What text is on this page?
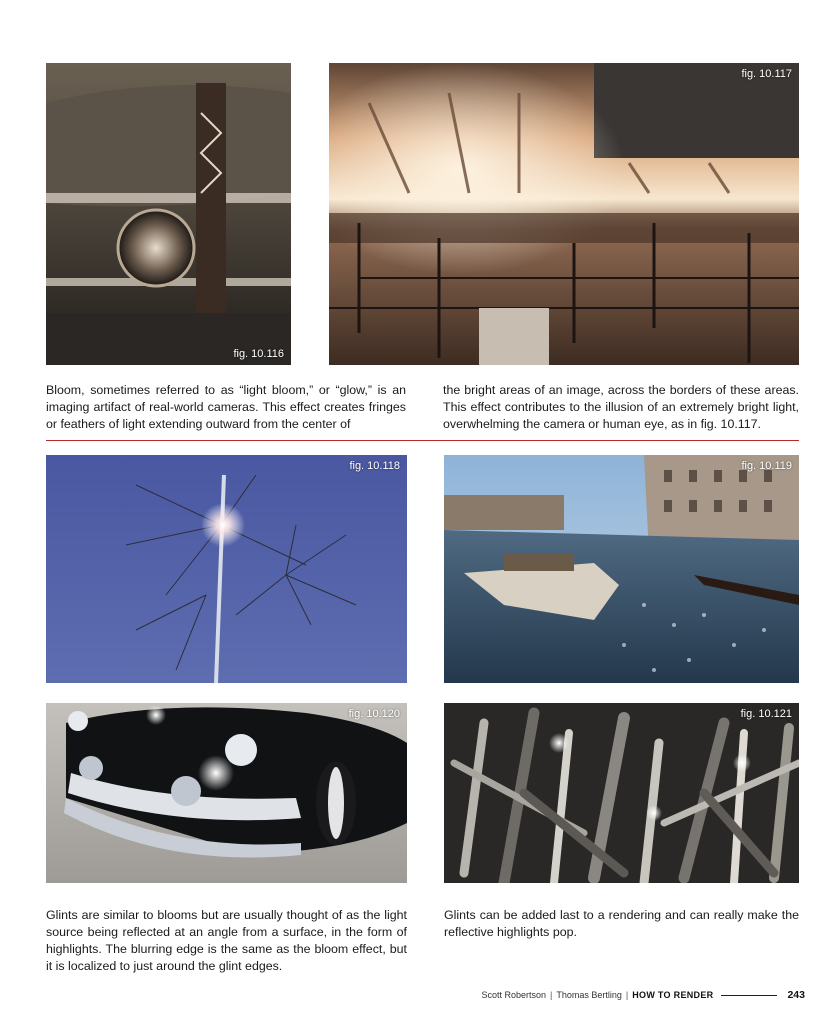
fig. 10.116
fig. 10.117

Bloom, sometimes referred to as “light bloom,” or “glow,” is an imaging artifact of real-world cameras. This effect creates fringes or feathers of light extending outward from the center of

the bright areas of an image, across the borders of these areas. This effect contributes to the illusion of an extremely bright light, overwhelming the camera or human eye, as in fig. 10.117.

fig. 10.118	fig. 10.119
fig. 10.120	fig. 10.121

Glints are similar to blooms but are usually thought of as the light source being reflected at an angle from a surface, in the form of highlights. The blurring edge is the same as the bloom effect, but it is localized to just around the glint edges.

Glints can be added last to a rendering and can really make the reflective highlights pop.

Scott Robertson | Thomas Bertling | HOW TO RENDER	243
